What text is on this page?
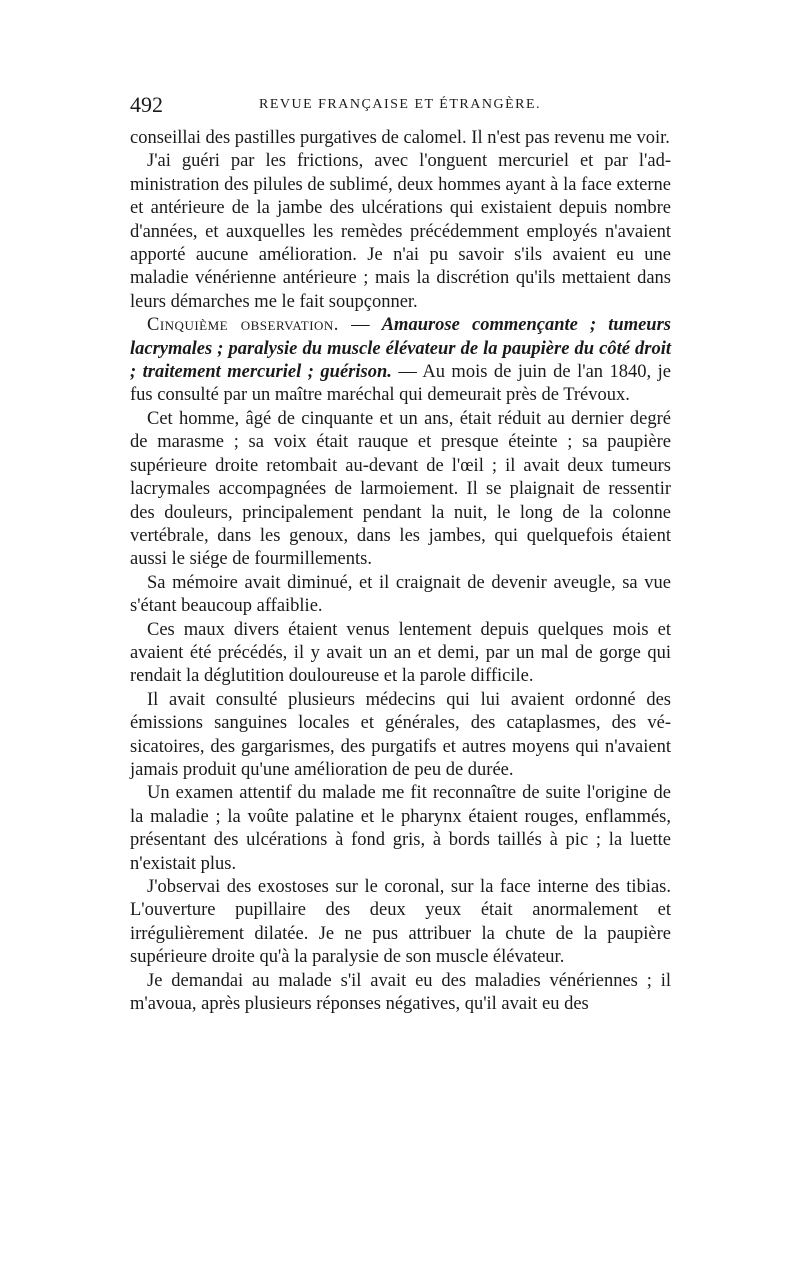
492	REVUE FRANÇAISE ET ÉTRANGÈRE.

conseillai des pastilles purgatives de calomel. Il n'est pas revenu me voir.

J'ai guéri par les frictions, avec l'onguent mercuriel et par l'administration des pilules de sublimé, deux hommes ayant à la face externe et antérieure de la jambe des ulcérations qui existaient depuis nombre d'années, et auxquelles les remèdes précédemment employés n'avaient apporté aucune amélioration. Je n'ai pu savoir s'ils avaient eu une maladie vénérienne antérieure ; mais la discrétion qu'ils mettaient dans leurs démarches me le fait soupçonner.

Cinquième observation. — Amaurose commençante ; tumeurs lacrymales ; paralysie du muscle élévateur de la paupière du côté droit ; traitement mercuriel ; guérison. — Au mois de juin de l'an 1840, je fus consulté par un maître maréchal qui demeurait près de Trévoux.

Cet homme, âgé de cinquante et un ans, était réduit au dernier degré de marasme ; sa voix était rauque et presque éteinte ; sa paupière supérieure droite retombait au-devant de l'œil ; il avait deux tumeurs lacrymales accompagnées de larmoiement. Il se plaignait de ressentir des douleurs, principalement pendant la nuit, le long de la colonne vertébrale, dans les genoux, dans les jambes, qui quelquefois étaient aussi le siége de fourmillements.

Sa mémoire avait diminué, et il craignait de devenir aveugle, sa vue s'étant beaucoup affaiblie.

Ces maux divers étaient venus lentement depuis quelques mois et avaient été précédés, il y avait un an et demi, par un mal de gorge qui rendait la déglutition douloureuse et la parole difficile.

Il avait consulté plusieurs médecins qui lui avaient ordonné des émissions sanguines locales et générales, des cataplasmes, des vésicatoires, des gargarismes, des purgatifs et autres moyens qui n'avaient jamais produit qu'une amélioration de peu de durée.

Un examen attentif du malade me fit reconnaître de suite l'origine de la maladie ; la voûte palatine et le pharynx étaient rouges, enflammés, présentant des ulcérations à fond gris, à bords taillés à pic ; la luette n'existait plus.

J'observai des exostoses sur le coronal, sur la face interne des tibias. L'ouverture pupillaire des deux yeux était anormalement et irrégulièrement dilatée. Je ne pus attribuer la chute de la paupière supérieure droite qu'à la paralysie de son muscle élévateur.

Je demandai au malade s'il avait eu des maladies vénériennes ; il m'avoua, après plusieurs réponses négatives, qu'il avait eu des
